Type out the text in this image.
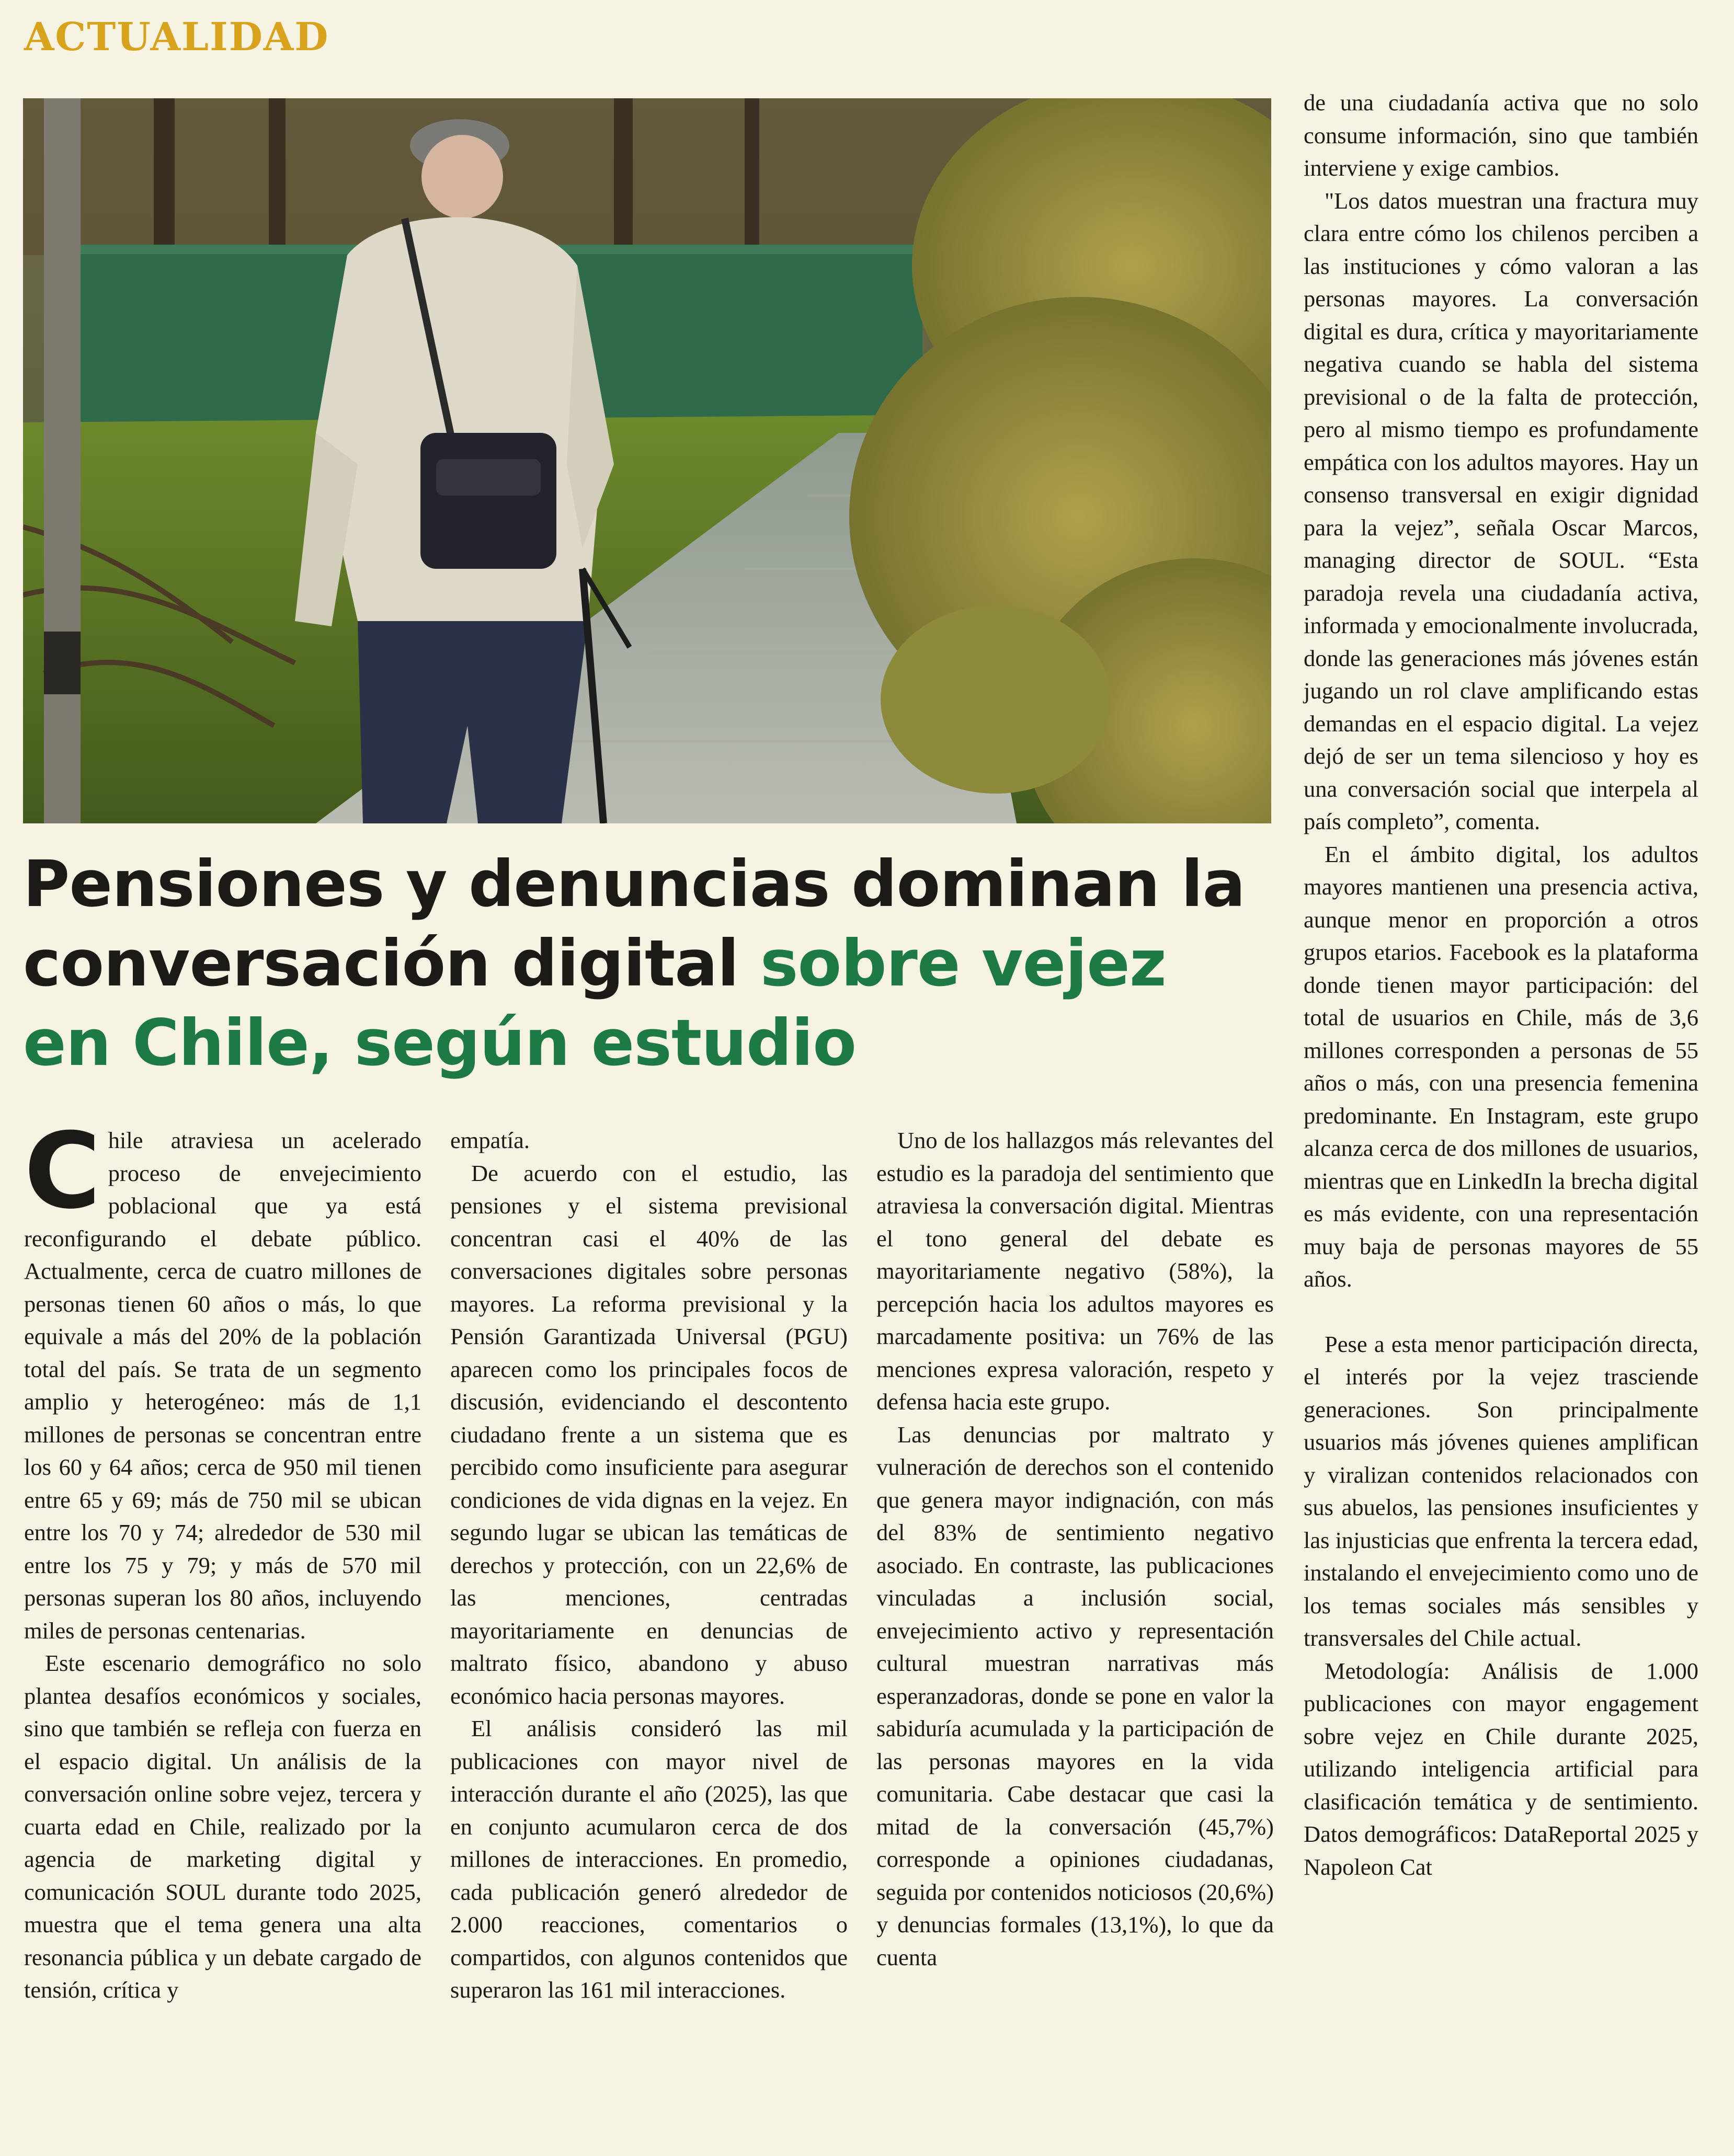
ACTUALIDAD
Pensiones y denuncias dominan la conversación digital sobre vejez en Chile, según estudio

Chile atraviesa un acelerado proceso de envejecimiento poblacional que ya está reconfigurando el debate público. Actualmente, cerca de cuatro millones de personas tienen 60 años o más, lo que equivale a más del 20% de la población total del país. Se trata de un segmento amplio y heterogéneo: más de 1,1 millones de personas se concentran entre los 60 y 64 años; cerca de 950 mil tienen entre 65 y 69; más de 750 mil se ubican entre los 70 y 74; alrededor de 530 mil entre los 75 y 79; y más de 570 mil personas superan los 80 años, incluyendo miles de personas centenarias.

Este escenario demográfico no solo plantea desafíos económicos y sociales, sino que también se refleja con fuerza en el espacio digital. Un análisis de la conversación online sobre vejez, tercera y cuarta edad en Chile, realizado por la agencia de marketing digital y comunicación SOUL durante todo 2025, muestra que el tema genera una alta resonancia pública y un debate cargado de tensión, crítica y

empatía.

De acuerdo con el estudio, las pensiones y el sistema previsional concentran casi el 40% de las conversaciones digitales sobre personas mayores. La reforma previsional y la Pensión Garantizada Universal (PGU) aparecen como los principales focos de discusión, evidenciando el descontento ciudadano frente a un sistema que es percibido como insuficiente para asegurar condiciones de vida dignas en la vejez. En segundo lugar se ubican las temáticas de derechos y protección, con un 22,6% de las menciones, centradas mayoritariamente en denuncias de maltrato físico, abandono y abuso económico hacia personas mayores.

El análisis consideró las mil publicaciones con mayor nivel de interacción durante el año (2025), las que en conjunto acumularon cerca de dos millones de interacciones. En promedio, cada publicación generó alrededor de 2.000 reacciones, comentarios o compartidos, con algunos contenidos que superaron las 161 mil interacciones.

Uno de los hallazgos más relevantes del estudio es la paradoja del sentimiento que atraviesa la conversación digital. Mientras el tono general del debate es mayoritariamente negativo (58%), la percepción hacia los adultos mayores es marcadamente positiva: un 76% de las menciones expresa valoración, respeto y defensa hacia este grupo.

Las denuncias por maltrato y vulneración de derechos son el contenido que genera mayor indignación, con más del 83% de sentimiento negativo asociado. En contraste, las publicaciones vinculadas a inclusión social, envejecimiento activo y representación cultural muestran narrativas más esperanzadoras, donde se pone en valor la sabiduría acumulada y la participación de las personas mayores en la vida comunitaria. Cabe destacar que casi la mitad de la conversación (45,7%) corresponde a opiniones ciudadanas, seguida por contenidos noticiosos (20,6%) y denuncias formales (13,1%), lo que da cuenta

de una ciudadanía activa que no solo consume información, sino que también interviene y exige cambios.

"Los datos muestran una fractura muy clara entre cómo los chilenos perciben a las instituciones y cómo valoran a las personas mayores. La conversación digital es dura, crítica y mayoritariamente negativa cuando se habla del sistema previsional o de la falta de protección, pero al mismo tiempo es profundamente empática con los adultos mayores. Hay un consenso transversal en exigir dignidad para la vejez”, señala Oscar Marcos, managing director de SOUL. “Esta paradoja revela una ciudadanía activa, informada y emocionalmente involucrada, donde las generaciones más jóvenes están jugando un rol clave amplificando estas demandas en el espacio digital. La vejez dejó de ser un tema silencioso y hoy es una conversación social que interpela al país completo”, comenta.

En el ámbito digital, los adultos mayores mantienen una presencia activa, aunque menor en proporción a otros grupos etarios. Facebook es la plataforma donde tienen mayor participación: del total de usuarios en Chile, más de 3,6 millones corresponden a personas de 55 años o más, con una presencia femenina predominante. En Instagram, este grupo alcanza cerca de dos millones de usuarios, mientras que en LinkedIn la brecha digital es más evidente, con una representación muy baja de personas mayores de 55 años.

Pese a esta menor participación directa, el interés por la vejez trasciende generaciones. Son principalmente usuarios más jóvenes quienes amplifican y viralizan contenidos relacionados con sus abuelos, las pensiones insuficientes y las injusticias que enfrenta la tercera edad, instalando el envejecimiento como uno de los temas sociales más sensibles y transversales del Chile actual.

Metodología: Análisis de 1.000 publicaciones con mayor engagement sobre vejez en Chile durante 2025, utilizando inteligencia artificial para clasificación temática y de sentimiento. Datos demográficos: DataReportal 2025 y Napoleon Cat
